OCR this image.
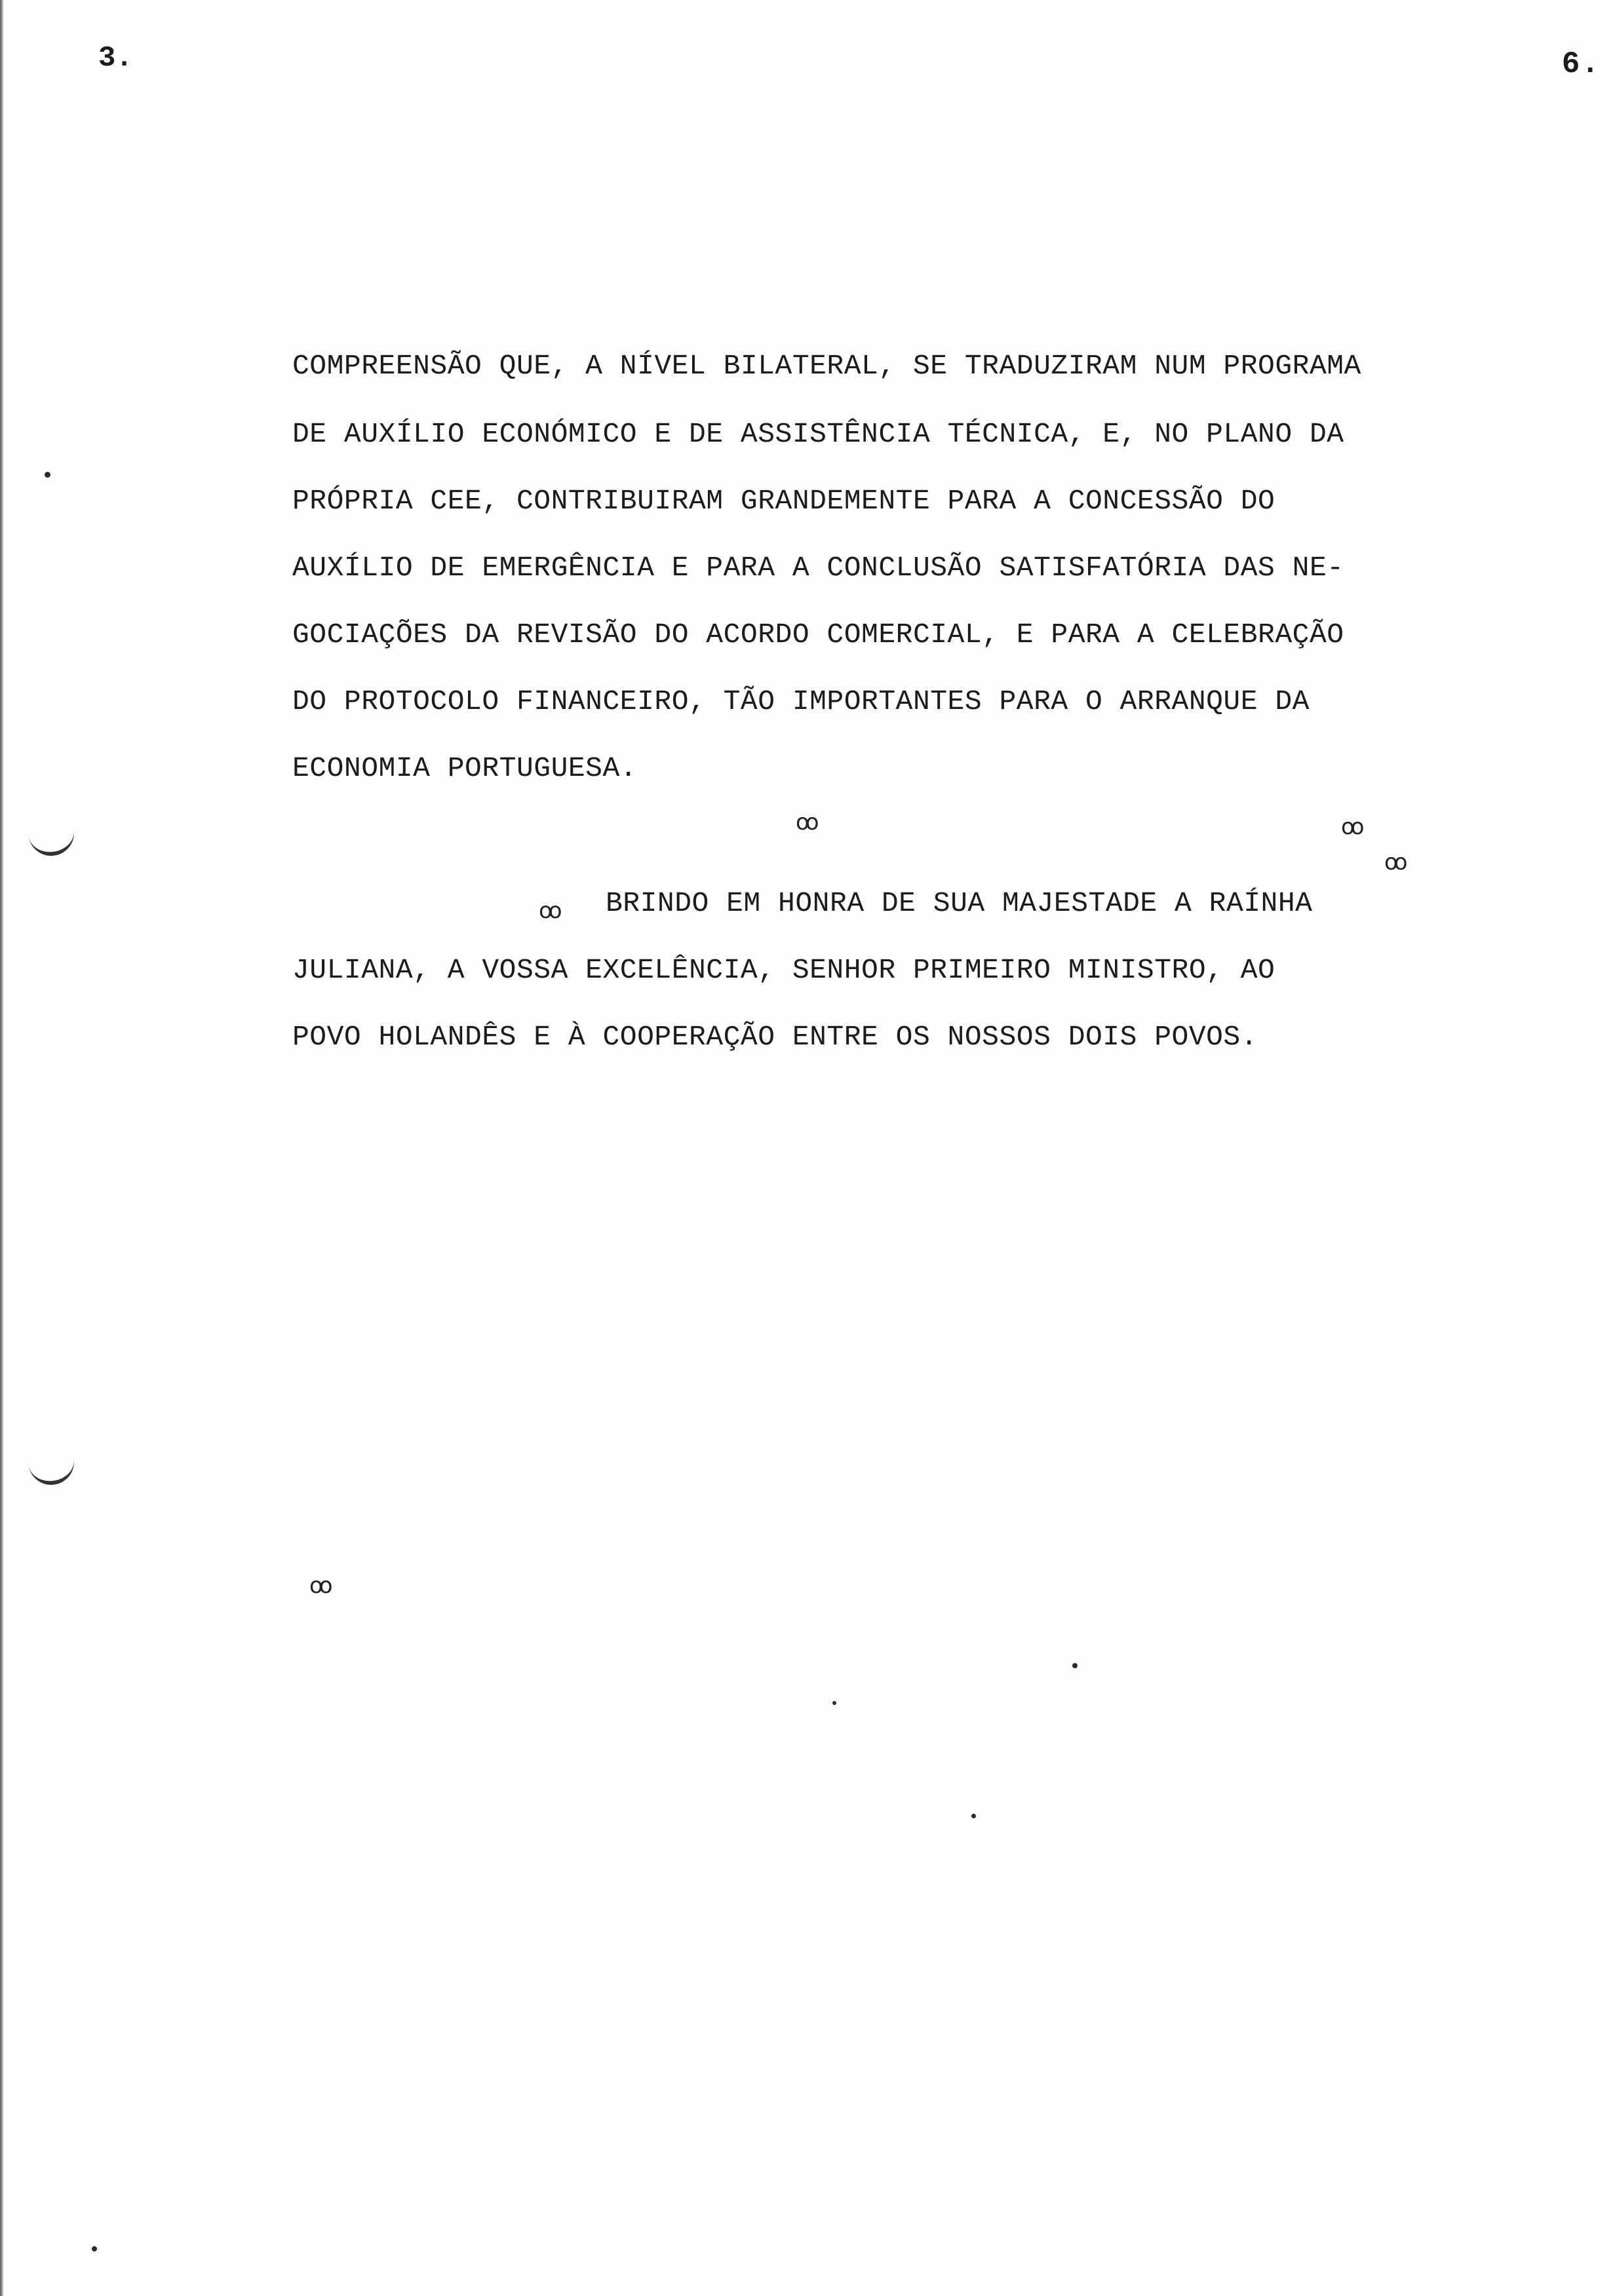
3.	6.
COMPREENSÃO QUE, A NÍVEL BILATERAL, SE TRADUZIRAM NUM PROGRAMA
DE AUXÍLIO ECONÓMICO E DE ASSISTÊNCIA TÉCNICA, E, NO PLANO DA
PRÓPRIA CEE, CONTRIBUIRAM GRANDEMENTE PARA A CONCESSÃO DO
AUXÍLIO DE EMERGÊNCIA E PARA A CONCLUSÃO SATISFATÓRIA DAS NE-
GOCIAÇÕES DA REVISÃO DO ACORDO COMERCIAL, E PARA A CELEBRAÇÃO
DO PROTOCOLO FINANCEIRO, TÃO IMPORTANTES PARA O ARRANQUE DA
ECONOMIA PORTUGUESA.
oo	oo
oo
oo BRINDO EM HONRA DE SUA MAJESTADE A RAÍNHA
JULIANA, A VOSSA EXCELÊNCIA, SENHOR PRIMEIRO MINISTRO, AO
POVO HOLANDÊS E À COOPERAÇÃO ENTRE OS NOSSOS DOIS POVOS.
oo
